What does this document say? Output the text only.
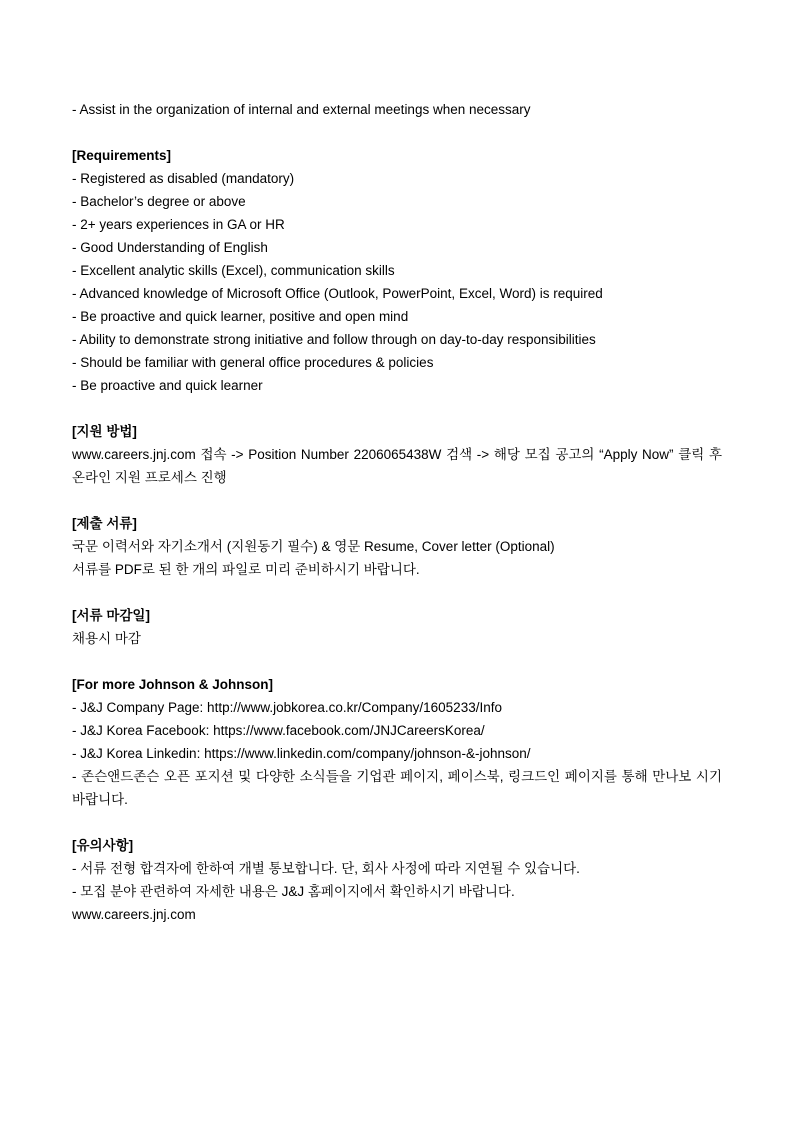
- Assist in the organization of internal and external meetings when necessary

[Requirements]

- Registered as disabled (mandatory)

- Bachelor’s degree or above

- 2+ years experiences in GA or HR

- Good Understanding of English

- Excellent analytic skills (Excel), communication skills

- Advanced knowledge of Microsoft Office (Outlook, PowerPoint, Excel, Word) is required

- Be proactive and quick learner, positive and open mind

- Ability to demonstrate strong initiative and follow through on day-to-day responsibilities

- Should be familiar with general office procedures & policies

- Be proactive and quick learner

[지원 방법]

www.careers.jnj.com 접속 -> Position Number 2206065438W 검색 -> 해당 모집 공고의 “Apply Now” 클릭 후 온라인 지원 프로세스 진행

[제출 서류]

국문 이력서와 자기소개서 (지원동기 필수) & 영문 Resume, Cover letter (Optional)

서류를 PDF로 된 한 개의 파일로 미리 준비하시기 바랍니다.

[서류 마감일]

채용시 마감

[For more Johnson & Johnson]

- J&J Company Page: http://www.jobkorea.co.kr/Company/1605233/Info

- J&J Korea Facebook: https://www.facebook.com/JNJCareersKorea/

- J&J Korea Linkedin: https://www.linkedin.com/company/johnson-&-johnson/

- 존슨앤드존슨 오픈 포지션 및 다양한 소식들을 기업관 페이지, 페이스북, 링크드인 페이지를 통해 만나보 시기 바랍니다.

[유의사항]

- 서류 전형 합격자에 한하여 개별 통보합니다. 단, 회사 사정에 따라 지연될 수 있습니다.

- 모집 분야 관련하여 자세한 내용은 J&J 홈페이지에서 확인하시기 바랍니다.

www.careers.jnj.com
